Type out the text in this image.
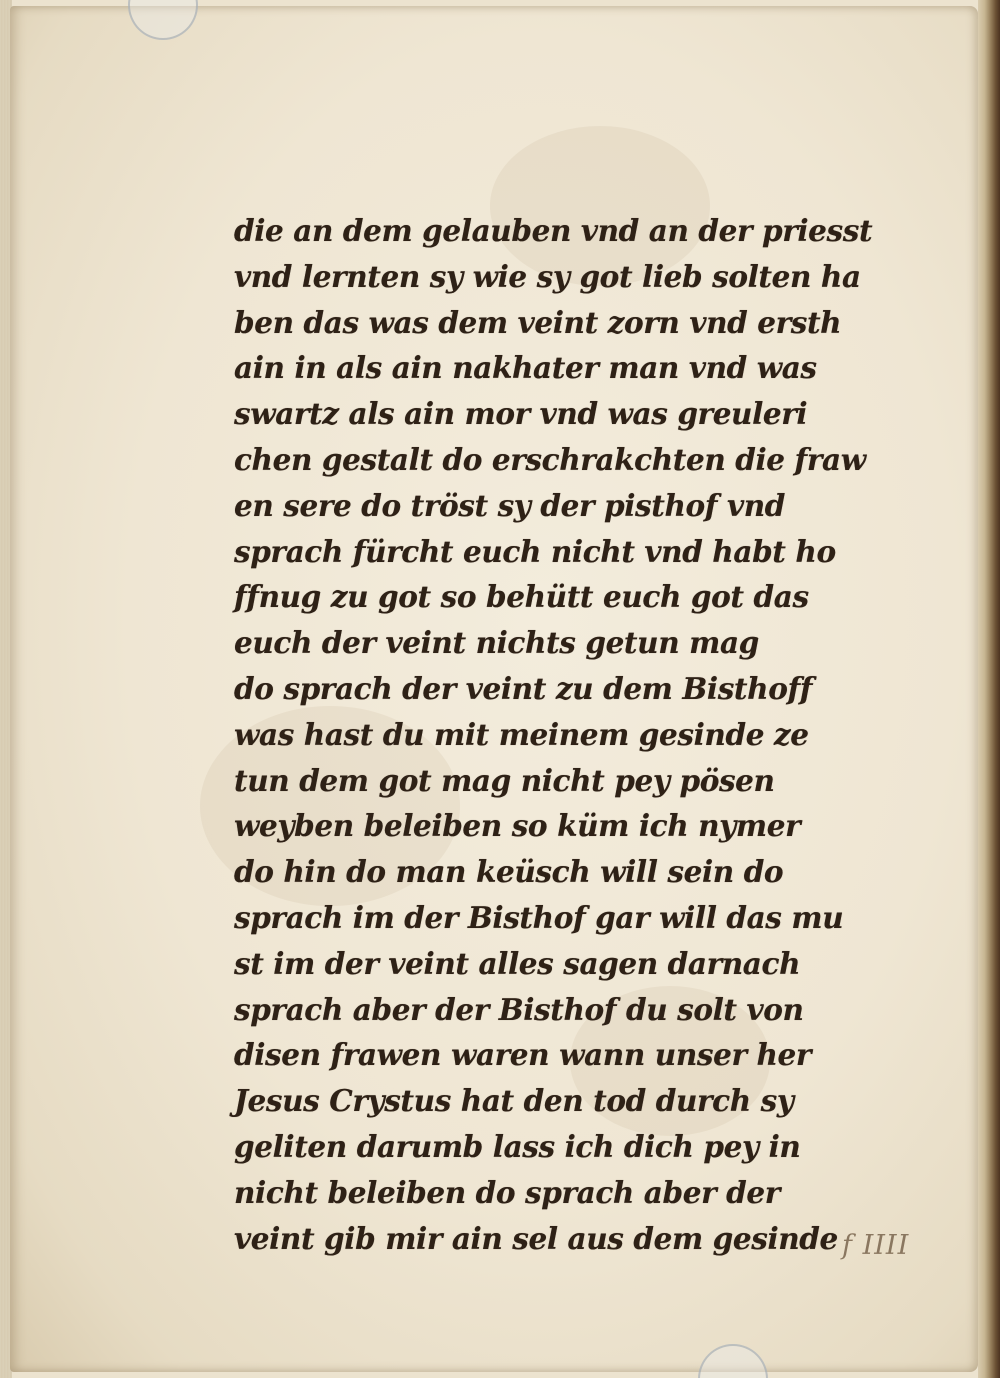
die an dem gelauben vnd an der priesst
vnd lernten sy wie sy got lieb solten ha
ben das was dem veint zorn vnd ersth
ain in als ain nakhater man vnd was
swartz als ain mor vnd was greuleri
chen gestalt do erschrakchten die fraw
en sere do tröst sy der pisthof vnd
sprach fürcht euch nicht vnd habt ho
ffnug zu got so behütt euch got das
euch der veint nichts getun mag
do sprach der veint zu dem Bisthoff
was hast du mit meinem gesinde ze
tun dem got mag nicht pey pösen
weyben beleiben so küm ich nymer
do hin do man keüsch will sein do
sprach im der Bisthof gar will das mu
st im der veint alles sagen darnach
sprach aber der Bisthof du solt von
disen frawen waren wann unser her
Jesus Crystus hat den tod durch sy
geliten darumb lass ich dich pey in
nicht beleiben do sprach aber der
veint gib mir ain sel aus dem gesinde f IIII
